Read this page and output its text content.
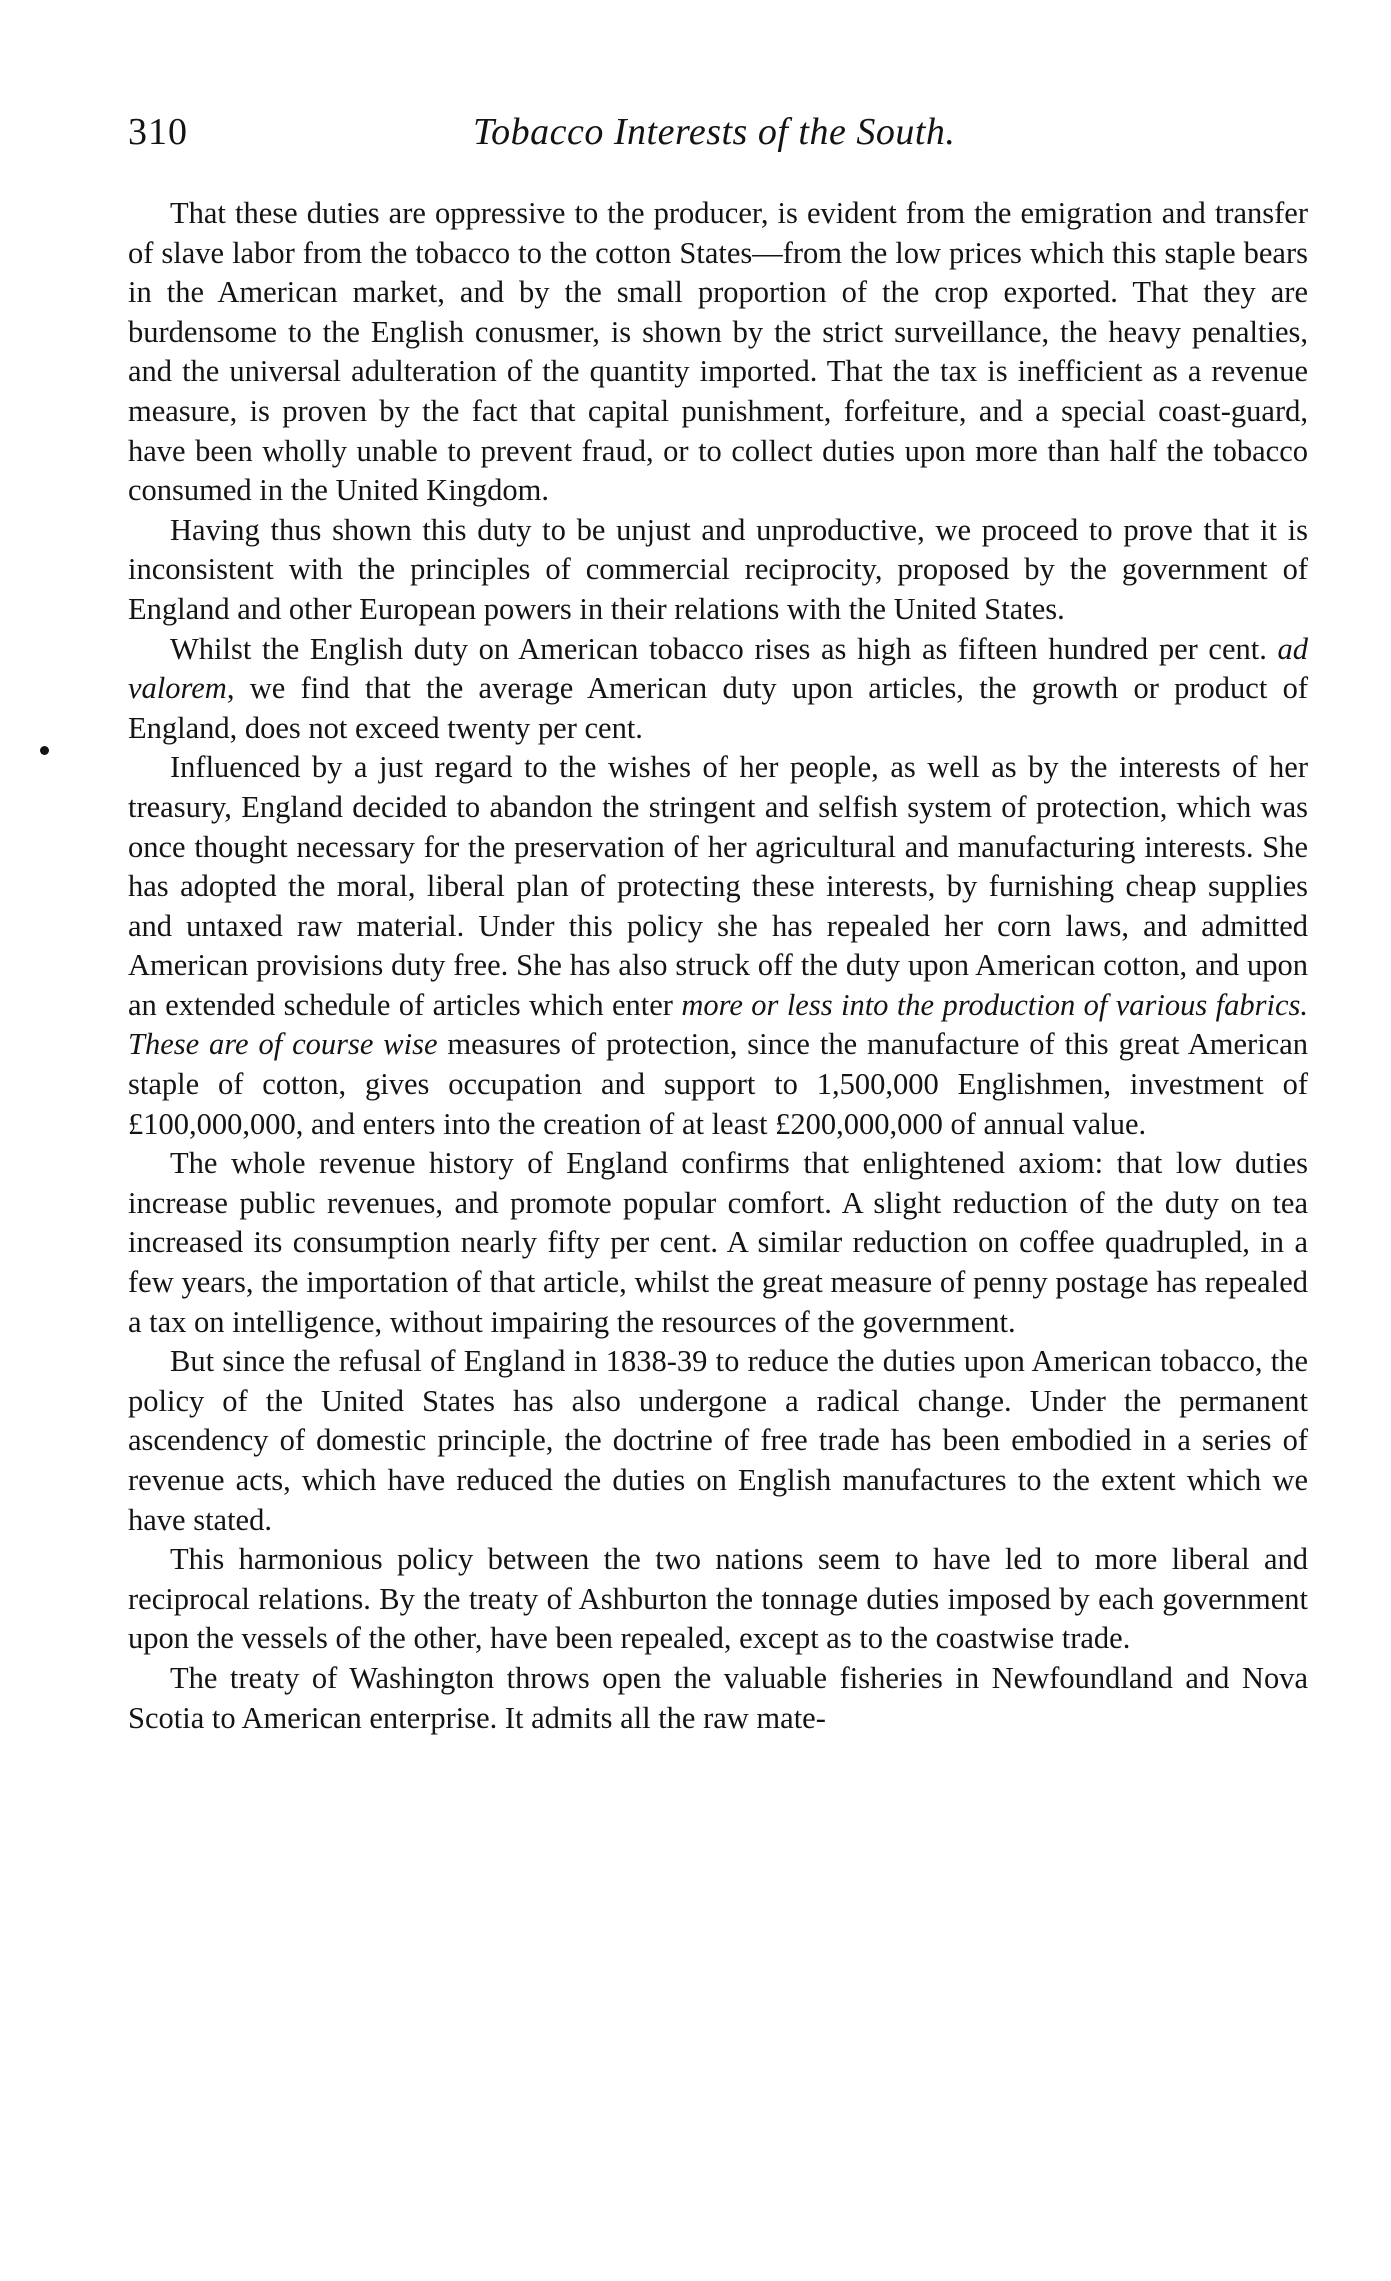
310	Tobacco Interests of the South.

That these duties are oppressive to the producer, is evident from the emigration and transfer of slave labor from the tobacco to the cotton States—from the low prices which this staple bears in the American market, and by the small proportion of the crop exported. That they are burdensome to the English conusmer, is shown by the strict surveillance, the heavy penalties, and the universal adulteration of the quantity imported. That the tax is inefficient as a revenue measure, is proven by the fact that capital punishment, forfeiture, and a special coast-guard, have been wholly unable to prevent fraud, or to collect duties upon more than half the tobacco consumed in the United Kingdom.

Having thus shown this duty to be unjust and unproductive, we proceed to prove that it is inconsistent with the principles of commercial reciprocity, proposed by the government of England and other European powers in their relations with the United States.

Whilst the English duty on American tobacco rises as high as fifteen hundred per cent. ad valorem, we find that the average American duty upon articles, the growth or product of England, does not exceed twenty per cent.

Influenced by a just regard to the wishes of her people, as well as by the interests of her treasury, England decided to abandon the stringent and selfish system of protection, which was once thought necessary for the preservation of her agricultural and manufacturing interests. She has adopted the moral, liberal plan of protecting these interests, by furnishing cheap supplies and untaxed raw material. Under this policy she has repealed her corn laws, and admitted American provisions duty free. She has also struck off the duty upon American cotton, and upon an extended schedule of articles which enter more or less into the production of various fabrics. These are of course wise measures of protection, since the manufacture of this great American staple of cotton, gives occupation and support to 1,500,000 Englishmen, investment of £100,000,000, and enters into the creation of at least £200,000,000 of annual value.

The whole revenue history of England confirms that enlightened axiom: that low duties increase public revenues, and promote popular comfort. A slight reduction of the duty on tea increased its consumption nearly fifty per cent. A similar reduction on coffee quadrupled, in a few years, the importation of that article, whilst the great measure of penny postage has repealed a tax on intelligence, without impairing the resources of the government.

But since the refusal of England in 1838-39 to reduce the duties upon American tobacco, the policy of the United States has also undergone a radical change. Under the permanent ascendency of domestic principle, the doctrine of free trade has been embodied in a series of revenue acts, which have reduced the duties on English manufactures to the extent which we have stated.

This harmonious policy between the two nations seem to have led to more liberal and reciprocal relations. By the treaty of Ashburton the tonnage duties imposed by each government upon the vessels of the other, have been repealed, except as to the coastwise trade.

The treaty of Washington throws open the valuable fisheries in Newfoundland and Nova Scotia to American enterprise. It admits all the raw mate-
